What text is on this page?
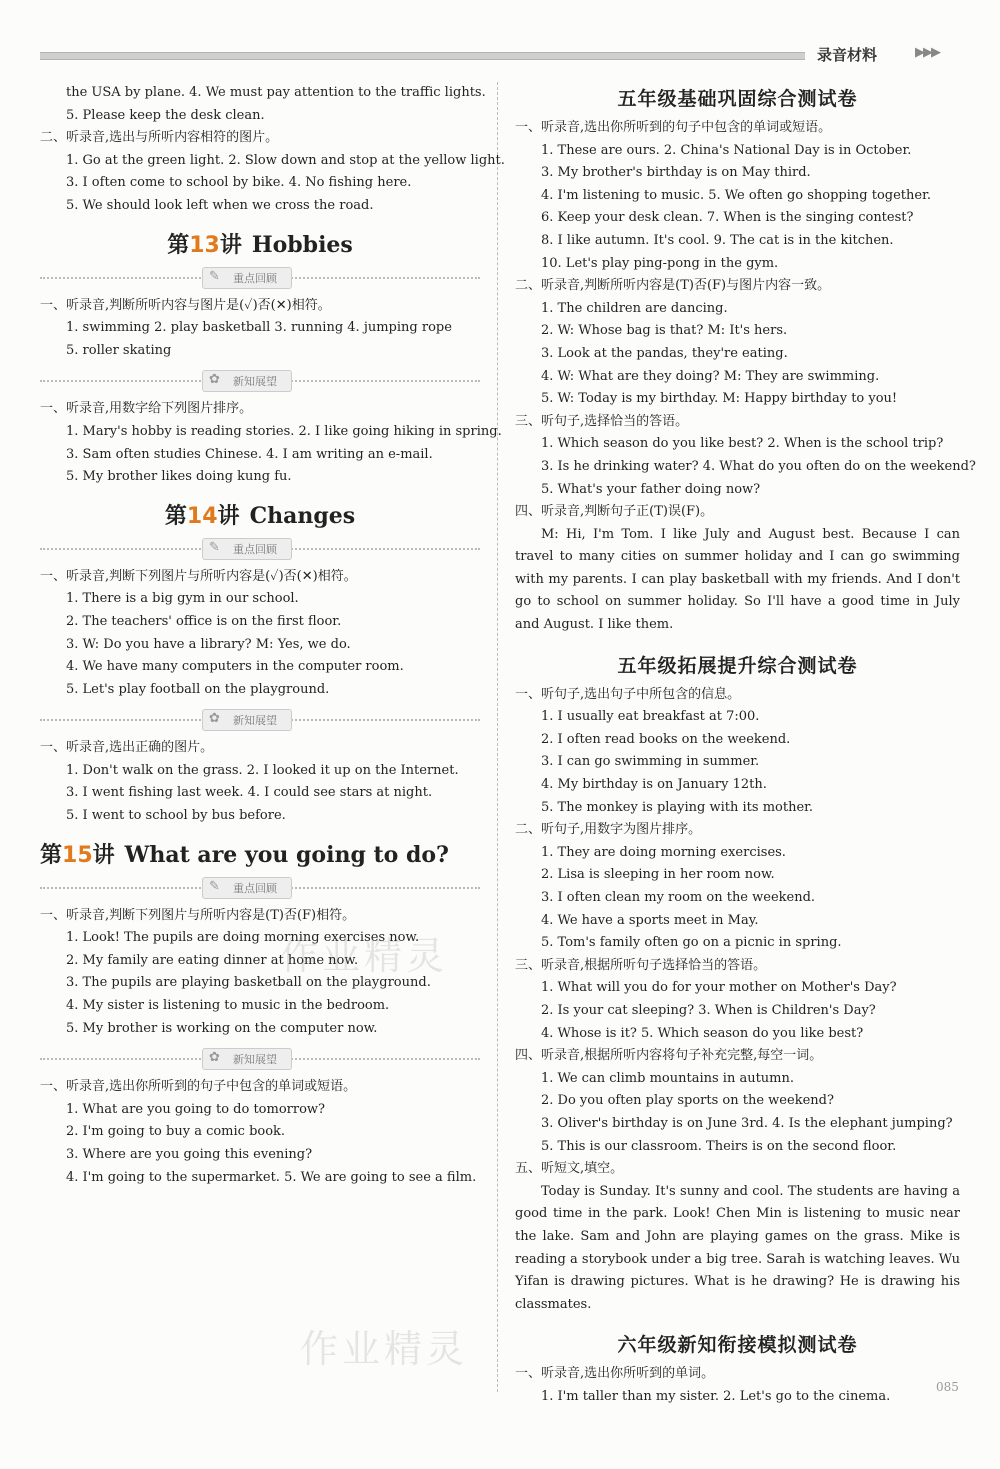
录音材料	▶▶▶
the USA by plane. 4. We must pay attention to the traffic lights.
5. Please keep the desk clean.
二、听录音,选出与所听内容相符的图片。
1. Go at the green light. 2. Slow down and stop at the yellow light.
3. I often come to school by bike. 4. No fishing here.
5. We should look left when we cross the road.
第13讲 Hobbies
✎ 重点回顾
一、听录音,判断所听内容与图片是(✓)否(✕)相符。
1. swimming 2. play basketball 3. running 4. jumping rope
5. roller skating
✿ 新知展望
一、听录音,用数字给下列图片排序。
1. Mary's hobby is reading stories. 2. I like going hiking in spring.
3. Sam often studies Chinese. 4. I am writing an e-mail.
5. My brother likes doing kung fu.
第14讲 Changes
✎ 重点回顾
一、听录音,判断下列图片与所听内容是(✓)否(✕)相符。
1. There is a big gym in our school.
2. The teachers' office is on the first floor.
3. W: Do you have a library? M: Yes, we do.
4. We have many computers in the computer room.
5. Let's play football on the playground.
✿ 新知展望
一、听录音,选出正确的图片。
1. Don't walk on the grass. 2. I looked it up on the Internet.
3. I went fishing last week. 4. I could see stars at night.
5. I went to school by bus before.
第15讲 What are you going to do?
✎ 重点回顾
一、听录音,判断下列图片与所听内容是(T)否(F)相符。
1. Look! The pupils are doing morning exercises now.
2. My family are eating dinner at home now.
3. The pupils are playing basketball on the playground.
4. My sister is listening to music in the bedroom.
5. My brother is working on the computer now.
✿ 新知展望
一、听录音,选出你所听到的句子中包含的单词或短语。
1. What are you going to do tomorrow?
2. I'm going to buy a comic book.
3. Where are you going this evening?
4. I'm going to the supermarket. 5. We are going to see a film.
五年级基础巩固综合测试卷
一、听录音,选出你所听到的句子中包含的单词或短语。
1. These are ours. 2. China's National Day is in October.
3. My brother's birthday is on May third.
4. I'm listening to music. 5. We often go shopping together.
6. Keep your desk clean. 7. When is the singing contest?
8. I like autumn. It's cool. 9. The cat is in the kitchen.
10. Let's play ping-pong in the gym.
二、听录音,判断所听内容是(T)否(F)与图片内容一致。
1. The children are dancing.
2. W: Whose bag is that? M: It's hers.
3. Look at the pandas, they're eating.
4. W: What are they doing? M: They are swimming.
5. W: Today is my birthday. M: Happy birthday to you!
三、听句子,选择恰当的答语。
1. Which season do you like best? 2. When is the school trip?
3. Is he drinking water? 4. What do you often do on the weekend?
5. What's your father doing now?
四、听录音,判断句子正(T)误(F)。
M: Hi, I'm Tom. I like July and August best. Because I can travel to many cities on summer holiday and I can go swimming with my parents. I can play basketball with my friends. And I don't go to school on summer holiday. So I'll have a good time in July and August. I like them.
五年级拓展提升综合测试卷
一、听句子,选出句子中所包含的信息。
1. I usually eat breakfast at 7:00.
2. I often read books on the weekend.
3. I can go swimming in summer.
4. My birthday is on January 12th.
5. The monkey is playing with its mother.
二、听句子,用数字为图片排序。
1. They are doing morning exercises.
2. Lisa is sleeping in her room now.
3. I often clean my room on the weekend.
4. We have a sports meet in May.
5. Tom's family often go on a picnic in spring.
三、听录音,根据所听句子选择恰当的答语。
1. What will you do for your mother on Mother's Day?
2. Is your cat sleeping? 3. When is Children's Day?
4. Whose is it? 5. Which season do you like best?
四、听录音,根据所听内容将句子补充完整,每空一词。
1. We can climb mountains in autumn.
2. Do you often play sports on the weekend?
3. Oliver's birthday is on June 3rd. 4. Is the elephant jumping?
5. This is our classroom. Theirs is on the second floor.
五、听短文,填空。
Today is Sunday. It's sunny and cool. The students are having a good time in the park. Look! Chen Min is listening to music near the lake. Sam and John are playing games on the grass. Mike is reading a storybook under a big tree. Sarah is watching leaves. Wu Yifan is drawing pictures. What is he drawing? He is drawing his classmates.
六年级新知衔接模拟测试卷
一、听录音,选出你所听到的单词。
1. I'm taller than my sister. 2. Let's go to the cinema.
作业精灵
作业精灵
085
